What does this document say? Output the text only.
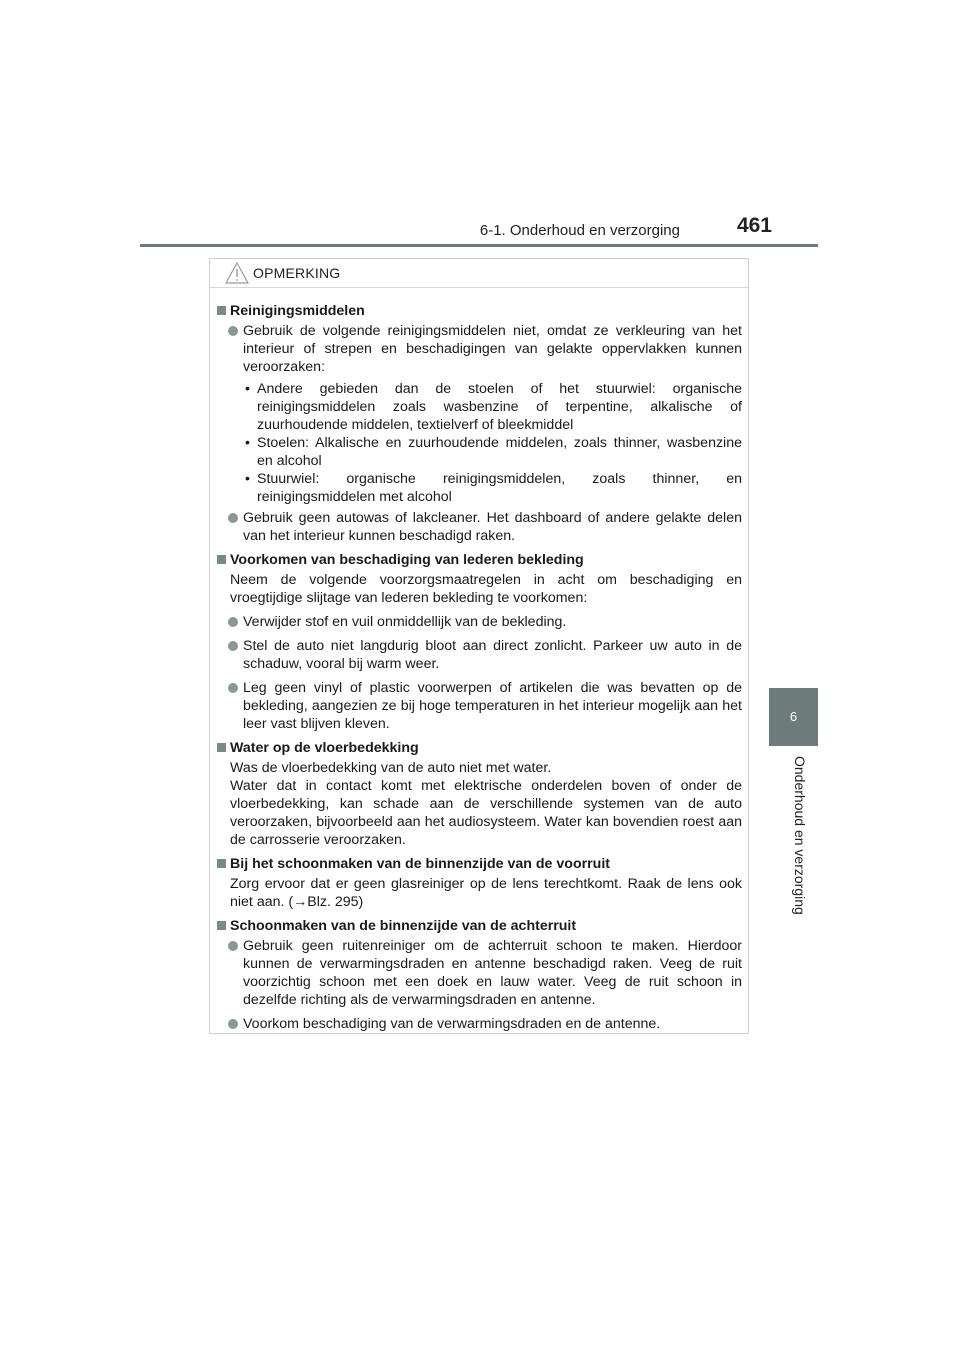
6-1. Onderhoud en verzorging	461
6
Onderhoud en verzorging
OPMERKING
Reinigingsmiddelen
Gebruik de volgende reinigingsmiddelen niet, omdat ze verkleuring van het interieur of strepen en beschadigingen van gelakte oppervlakken kunnen veroorzaken:
• Andere gebieden dan de stoelen of het stuurwiel: organische reinigingsmiddelen zoals wasbenzine of terpentine, alkalische of zuurhoudende middelen, textielverf of bleekmiddel
• Stoelen: Alkalische en zuurhoudende middelen, zoals thinner, wasbenzine en alcohol
• Stuurwiel: organische reinigingsmiddelen, zoals thinner, en reinigingsmiddelen met alcohol
Gebruik geen autowas of lakcleaner. Het dashboard of andere gelakte delen van het interieur kunnen beschadigd raken.
Voorkomen van beschadiging van lederen bekleding
Neem de volgende voorzorgsmaatregelen in acht om beschadiging en vroegtijdige slijtage van lederen bekleding te voorkomen:
Verwijder stof en vuil onmiddellijk van de bekleding.
Stel de auto niet langdurig bloot aan direct zonlicht. Parkeer uw auto in de schaduw, vooral bij warm weer.
Leg geen vinyl of plastic voorwerpen of artikelen die was bevatten op de bekleding, aangezien ze bij hoge temperaturen in het interieur mogelijk aan het leer vast blijven kleven.
Water op de vloerbedekking
Was de vloerbedekking van de auto niet met water.
Water dat in contact komt met elektrische onderdelen boven of onder de vloerbedekking, kan schade aan de verschillende systemen van de auto veroorzaken, bijvoorbeeld aan het audiosysteem. Water kan bovendien roest aan de carrosserie veroorzaken.
Bij het schoonmaken van de binnenzijde van de voorruit
Zorg ervoor dat er geen glasreiniger op de lens terechtkomt. Raak de lens ook niet aan. (→Blz. 295)
Schoonmaken van de binnenzijde van de achterruit
Gebruik geen ruitenreiniger om de achterruit schoon te maken. Hierdoor kunnen de verwarmingsdraden en antenne beschadigd raken. Veeg de ruit voorzichtig schoon met een doek en lauw water. Veeg de ruit schoon in dezelfde richting als de verwarmingsdraden en antenne.
Voorkom beschadiging van de verwarmingsdraden en de antenne.
